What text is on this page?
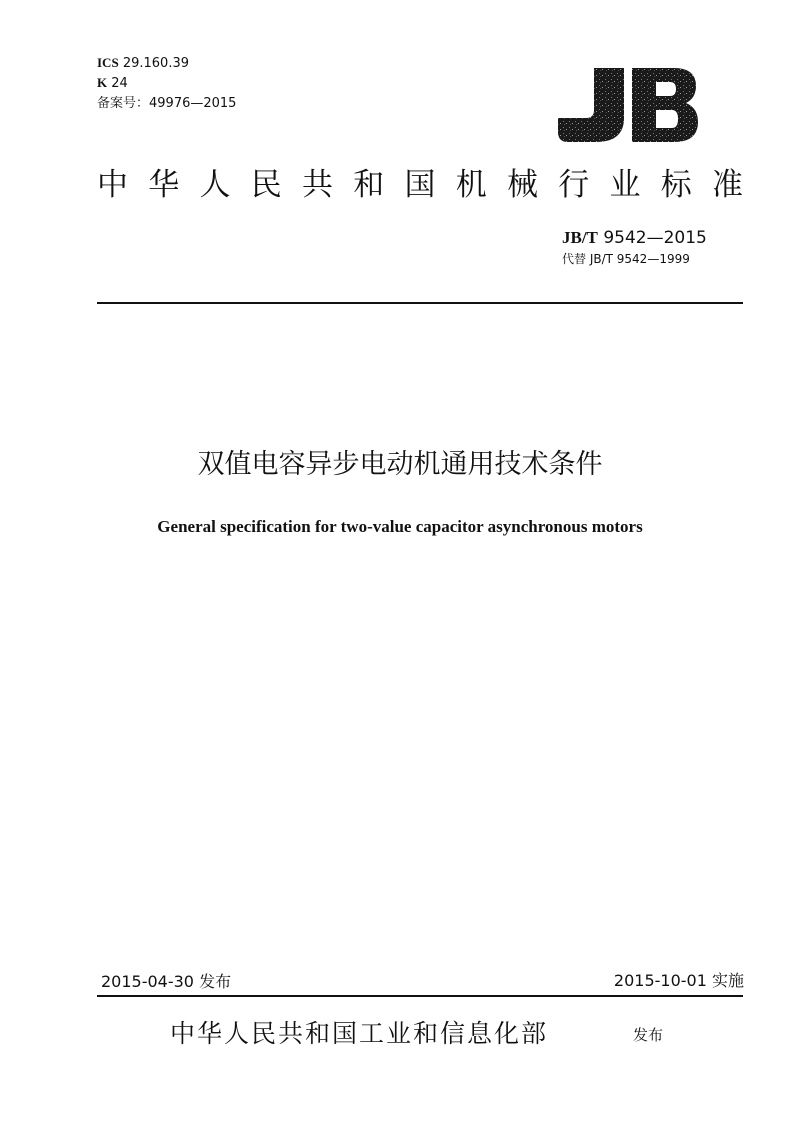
ICS 29.160.39
K 24
备案号：49976—2015
中 华 人 民 共 和 国 机 械 行 业 标 准
JB/T 9542—2015
代替 JB/T 9542—1999
双值电容异步电动机通用技术条件
General specification for two-value capacitor asynchronous motors
2015-04-30 发布	2015-10-01 实施
中华人民共和国工业和信息化部	发布
